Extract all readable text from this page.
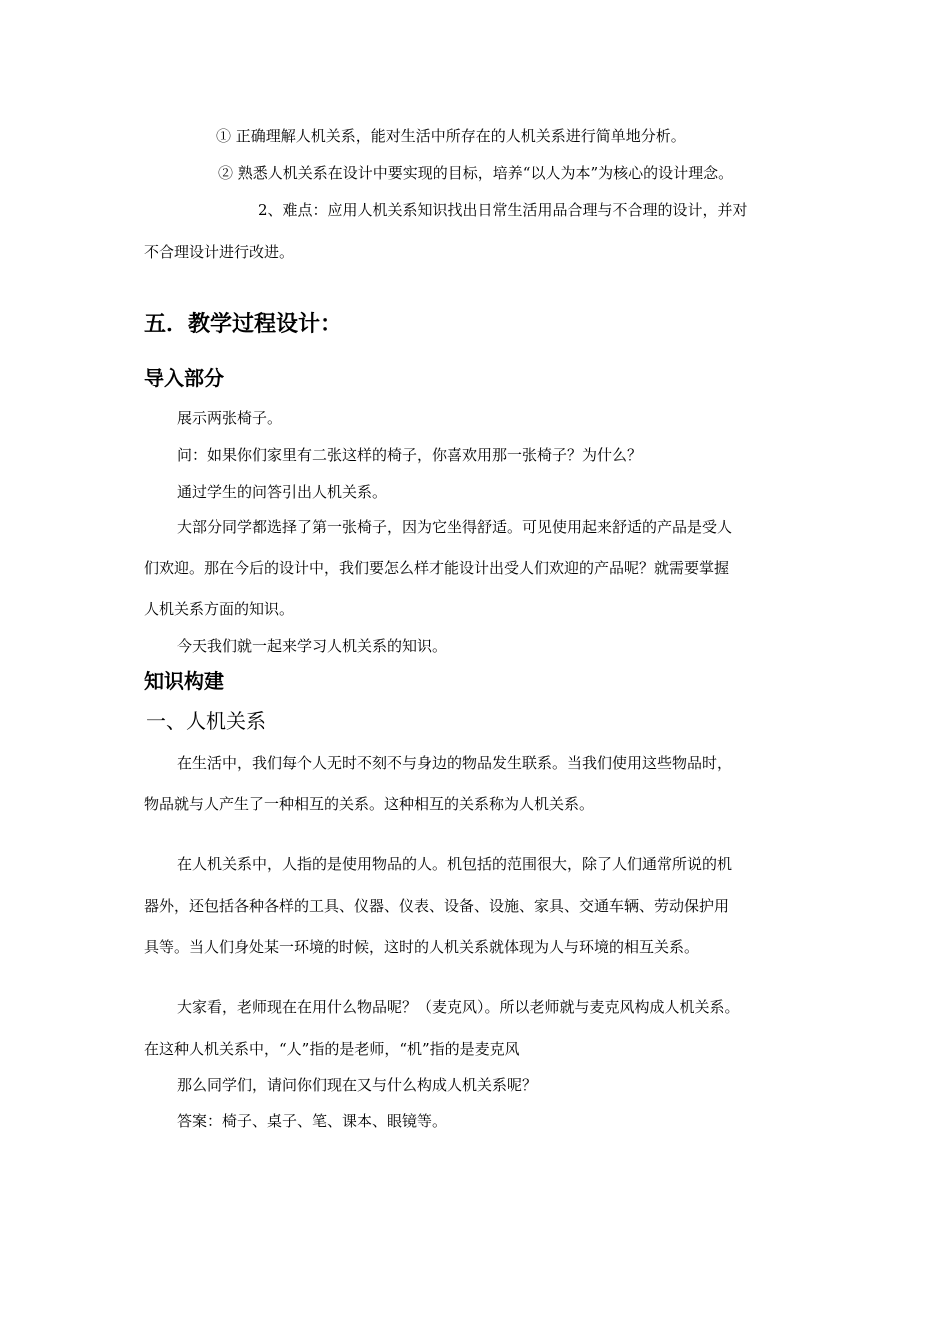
① 正确理解人机关系，能对生活中所存在的人机关系进行简单地分析。
② 熟悉人机关系在设计中要实现的目标，培养“以人为本”为核心的设计理念。
2、难点：应用人机关系知识找出日常生活用品合理与不合理的设计，并对
不合理设计进行改进。
五．教学过程设计：
导入部分
展示两张椅子。
问：如果你们家里有二张这样的椅子，你喜欢用那一张椅子？为什么？
通过学生的问答引出人机关系。
大部分同学都选择了第一张椅子，因为它坐得舒适。可见使用起来舒适的产品是受人
们欢迎。那在今后的设计中，我们要怎么样才能设计出受人们欢迎的产品呢？就需要掌握
人机关系方面的知识。
今天我们就一起来学习人机关系的知识。
知识构建
一、人机关系
在生活中，我们每个人无时不刻不与身边的物品发生联系。当我们使用这些物品时，
物品就与人产生了一种相互的关系。这种相互的关系称为人机关系。
在人机关系中，人指的是使用物品的人。机包括的范围很大，除了人们通常所说的机
器外，还包括各种各样的工具、仪器、仪表、设备、设施、家具、交通车辆、劳动保护用
具等。当人们身处某一环境的时候，这时的人机关系就体现为人与环境的相互关系。
大家看，老师现在在用什么物品呢？（麦克风）。所以老师就与麦克风构成人机关系。
在这种人机关系中，“人”指的是老师，“机”指的是麦克风
那么同学们，请问你们现在又与什么构成人机关系呢？
答案：椅子、桌子、笔、课本、眼镜等。
